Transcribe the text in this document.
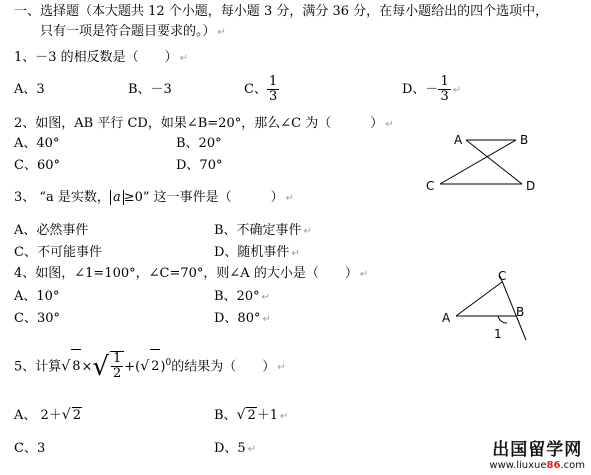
一、选择题（本大题共 12 个小题，每小题 3 分，满分 36 分，在每小题给出的四个选项中，
只有一项是符合题目要求的。） ↵
1、－3 的相反数是（　　） ↵
A、3	B、－3	C、 $\frac{1}{3}$	D、－ $\frac{1}{3}$ ↵
2、如图，AB 平行 CD，如果∠B=20°，那么∠C 为（　　　） ↵
A、40°	B、20°
C、60°	D、70°
A	B
C	D
3、 “a 是实数， a ≥0” 这一事件是（　　　） ↵
A、必然事件	B、不确定事件 ↵
C、不可能事件	D、随机事件 ↵
4、如图，∠1=100°，∠C=70°，则∠A 的大小是（　　） ↵
A、10°	B、20° ↵
C、30°	D、80° ↵
C
A	B
1
5、计算√ $8\times√ \frac{1}{2}$ +(√ 2)$^0$的结果为（　　） ↵
A、 2＋√ 2	B、√ 2＋1 ↵
C、3	D、5 ↵	出国留学网
www.liuxue86.com
